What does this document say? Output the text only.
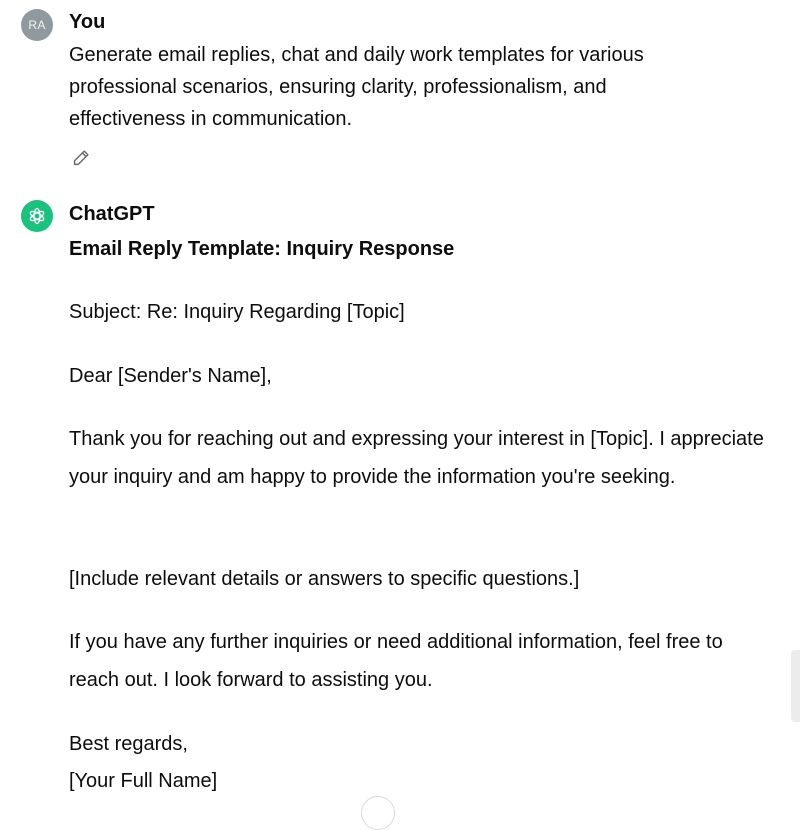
RA You
Generate email replies, chat and daily work templates for various professional scenarios, ensuring clarity, professionalism, and effectiveness in communication.
ChatGPT
Email Reply Template: Inquiry Response
Subject: Re: Inquiry Regarding [Topic]
Dear [Sender's Name],
Thank you for reaching out and expressing your interest in [Topic]. I appreciate your inquiry and am happy to provide the information you're seeking.
[Include relevant details or answers to specific questions.]
If you have any further inquiries or need additional information, feel free to reach out. I look forward to assisting you.
Best regards,
[Your Full Name]
